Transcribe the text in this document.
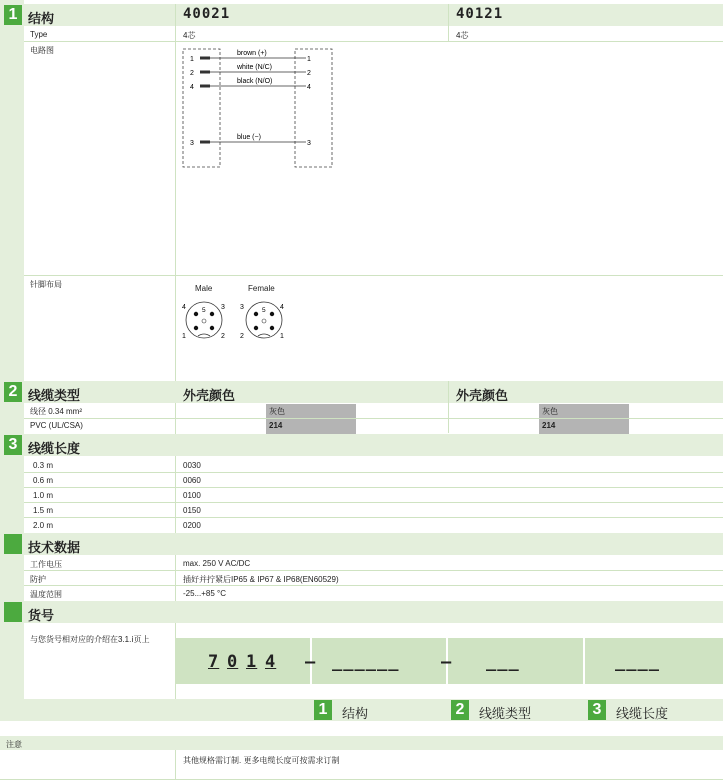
1 结构	40021	40121
Type	4芯	4芯
电路图
1
2
4
3
brown (+)
white (N/C)
black (N/O)
blue (−)
1
2
4
3
针脚布局	Male	Female
5
4	3
1	2
5
3	4
2	1
2 线缆类型	外壳颜色	外壳颜色
线径 0.34 mm²	灰色	灰色
PVC (UL/CSA)	214	214
3 线缆长度
0.3 m	0030
0.6 m	0060
1.0 m	0100
1.5 m	0150
2.0 m	0200
技术数据
工作电压	max. 250 V AC/DC
防护	插好并拧紧后IP65 & IP67 & IP68(EN60529)
温度范围	-25...+85 °C
货号
与您货号相对应的介绍在3.1.ⅰ页上
7 0 1 4 –	–
______	___	____
1	结构	2	线缆类型	3	线缆长度
注意
其他规格需订制. 更多电缆长度可按需求订制
